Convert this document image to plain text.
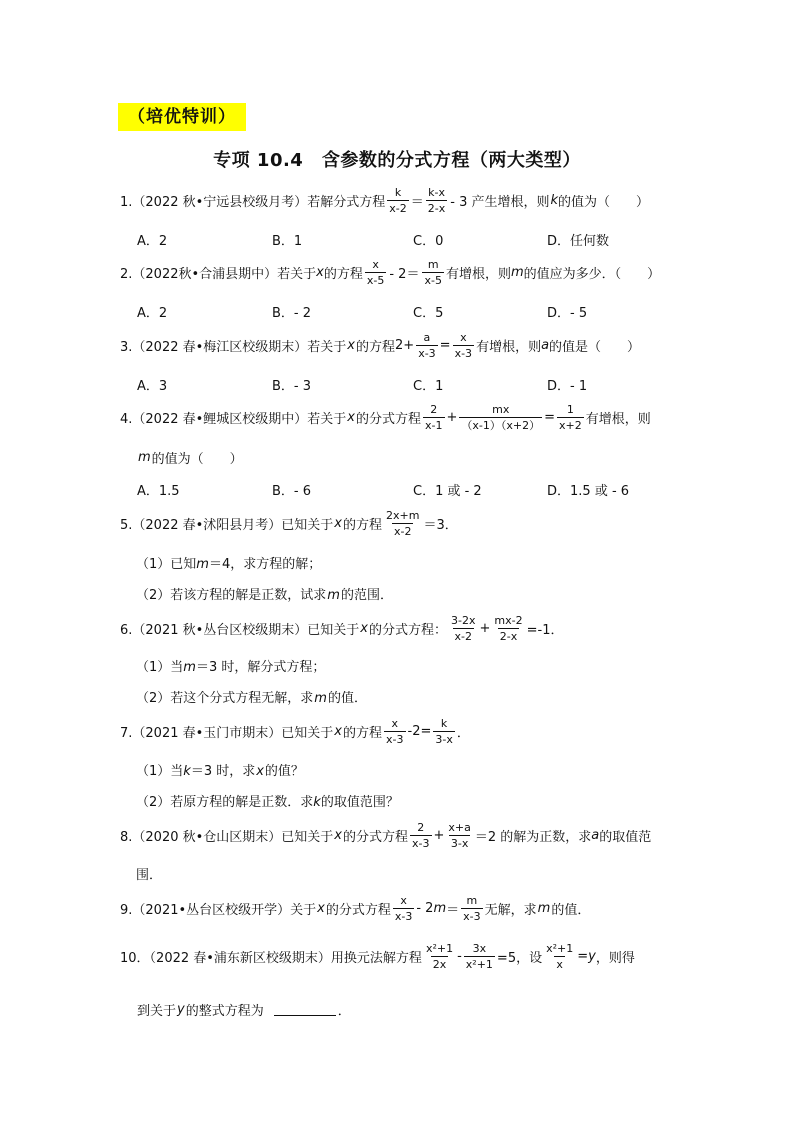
（培优特训）
专项 10.4　含参数的分式方程（两大类型）
1.（2022 秋•宁远县校级月考）若解分式方程 $\frac{k}{x-2} = \frac{k-x}{2-x} - 3$ 产生增根，则 k 的值为（　　）
A．2	B．1	C．0	D．任何数
2.（2022秋•合浦县期中）若关于 x 的方程 $\frac{x}{x-5} - 2= \frac{m}{x-5}$ 有增根，则 m 的值应为多少．（　　）
A．2	B．- 2	C．5	D．- 5
3.（2022 春•梅江区校级期末）若关于 x 的方程 $2+ \frac{a}{x-3} = \frac{x}{x-3}$ 有增根，则 a 的值是（　　）
A．3	B．- 3	C．1	D．- 1
4.（2022 春•鲤城区校级期中）若关于 x 的分式方程 $\frac{2}{x-1} + \frac{mx}{(x-1)(x+2)} = \frac{1}{x+2}$ 有增根，则
m 的值为（　　）
A．1.5	B．- 6	C．1 或 - 2	D．1.5 或 - 6
5.（2022 春•沭阳县月考）已知关于 x 的方程 $\frac{2x+m}{x-2} =3$．
（1）已知m＝4，求方程的解；
（2）若该方程的解是正数，试求m的范围．
6.（2021 秋•丛台区校级期末）已知关于 x 的分式方程： $\frac{3-2x}{x-2} + \frac{mx-2}{2-x} =-1$．
（1）当m＝3 时，解分式方程；
（2）若这个分式方程无解，求m的值．
7.（2021 春•玉门市期末）已知关于 x 的方程 $\frac{x}{x-3} -2= \frac{k}{3-x}$ ．
（1）当k＝3 时，求x的值？
（2）若原方程的解是正数．求k的取值范围？
8.（2020 秋•仓山区期末）已知关于 x 的分式方程 $\frac{2}{x-3} + \frac{x+a}{3-x} =2$ 的解为正数，求 a 的取值范
围．
9.（2021•丛台区校级开学）关于 x 的分式方程 $\frac{x}{x-3} - 2$ $m = \frac{m}{x-3}$ 无解，求 m 的值．
10．（2022 春•浦东新区校级期末）用换元法解方程 $\frac{\text{x²+1}}{2x} - \frac{3x}{\text{x²+1}} =5$，设 $\frac{\text{x²+1}}{x} = y$ ，则得
到关于 y 的整式方程为	．
